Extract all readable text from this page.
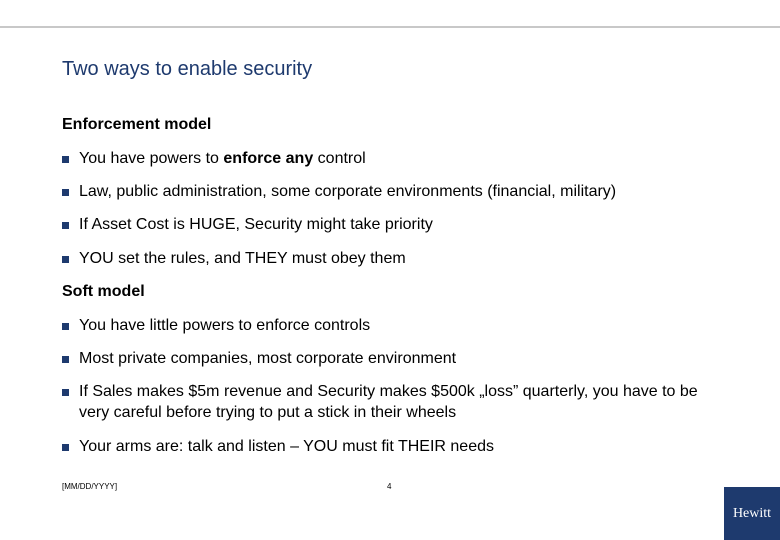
Two ways to enable security
Enforcement model
You have powers to enforce any control
Law, public administration, some corporate environments (financial, military)
If Asset Cost is HUGE, Security might take priority
YOU set the rules, and THEY must obey them
Soft model
You have little powers to enforce controls
Most private companies, most corporate environment
If Sales makes $5m revenue and Security makes $500k „loss” quarterly, you have to be very careful before trying to put a stick in their wheels
Your arms are: talk and listen – YOU must fit THEIR needs
[MM/DD/YYYY]	4
Hewitt
